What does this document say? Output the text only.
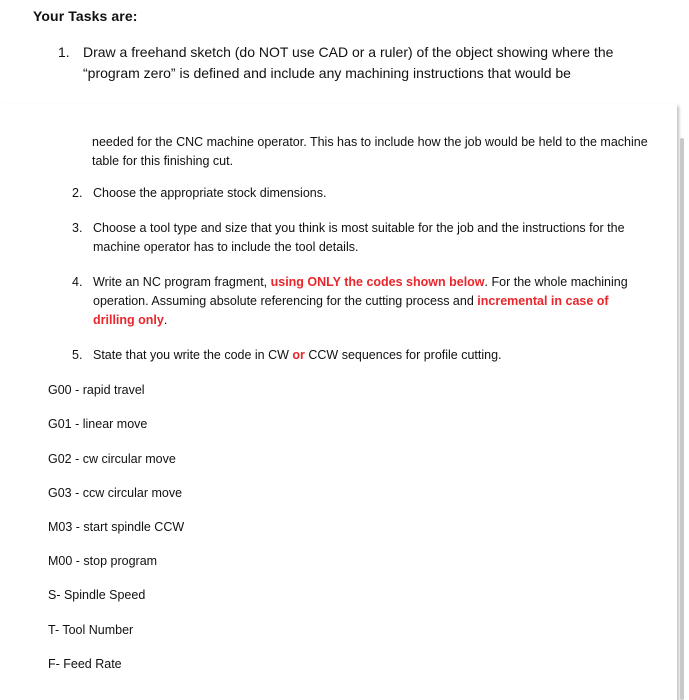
Your Tasks are:
1. Draw a freehand sketch (do NOT use CAD or a ruler) of the object showing where the “program zero” is defined and include any machining instructions that would be
needed for the CNC machine operator. This has to include how the job would be held to the machine table for this finishing cut.
2. Choose the appropriate stock dimensions.
3. Choose a tool type and size that you think is most suitable for the job and the instructions for the machine operator has to include the tool details.
4. Write an NC program fragment, using ONLY the codes shown below. For the whole machining operation. Assuming absolute referencing for the cutting process and incremental in case of drilling only.
5. State that you write the code in CW or CCW sequences for profile cutting.
G00 - rapid travel
G01 - linear move
G02 - cw circular move
G03 - ccw circular move
M03 - start spindle CCW
M00 - stop program
S- Spindle Speed
T- Tool Number
F- Feed Rate
